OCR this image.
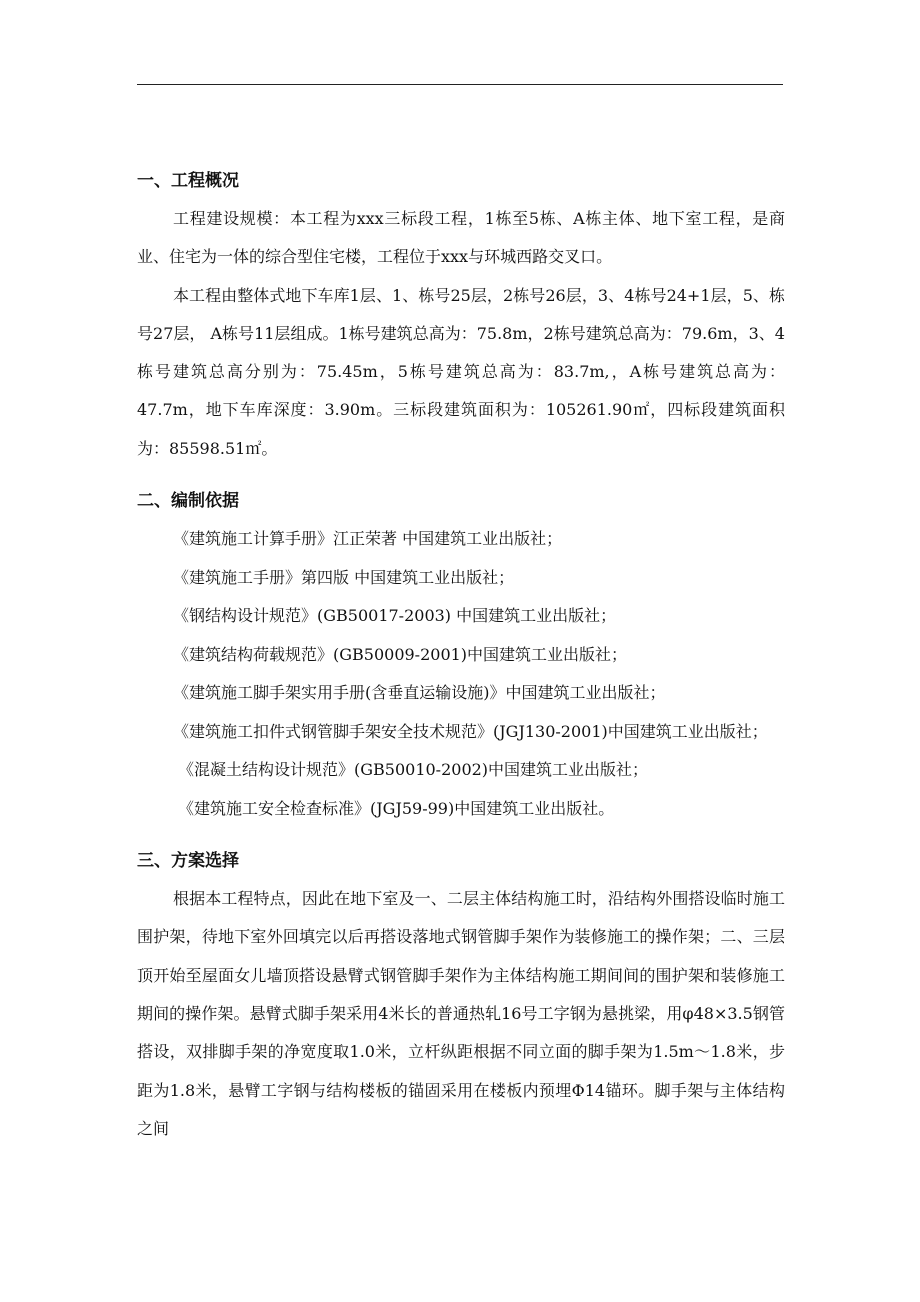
一、工程概况

工程建设规模：本工程为xxx三标段工程，1栋至5栋、A栋主体、地下室工程，是商业、住宅为一体的综合型住宅楼，工程位于xxx与环城西路交叉口。

本工程由整体式地下车库1层、1、栋号25层，2栋号26层，3、4栋号24+1层，5、栋号27层， A栋号11层组成。1栋号建筑总高为：75.8m，2栋号建筑总高为：79.6m，3、4栋号建筑总高分别为：75.45m，5栋号建筑总高为：83.7m,，A栋号建筑总高为：47.7m，地下车库深度：3.90m。三标段建筑面积为：105261.90㎡，四标段建筑面积为：85598.51㎡。

二、编制依据

《建筑施工计算手册》江正荣著 中国建筑工业出版社；

《建筑施工手册》第四版 中国建筑工业出版社；

《钢结构设计规范》(GB50017-2003) 中国建筑工业出版社；

《建筑结构荷载规范》(GB50009-2001)中国建筑工业出版社；

《建筑施工脚手架实用手册(含垂直运输设施)》中国建筑工业出版社；

《建筑施工扣件式钢管脚手架安全技术规范》(JGJ130-2001)中国建筑工业出版社；

《混凝土结构设计规范》(GB50010-2002)中国建筑工业出版社；

《建筑施工安全检查标准》(JGJ59-99)中国建筑工业出版社。

三、方案选择

根据本工程特点，因此在地下室及一、二层主体结构施工时，沿结构外围搭设临时施工围护架，待地下室外回填完以后再搭设落地式钢管脚手架作为装修施工的操作架；二、三层顶开始至屋面女儿墙顶搭设悬臂式钢管脚手架作为主体结构施工期间间的围护架和装修施工期间的操作架。悬臂式脚手架采用4米长的普通热轧16号工字钢为悬挑梁，用φ48×3.5钢管搭设，双排脚手架的净宽度取1.0米，立杆纵距根据不同立面的脚手架为1.5m～1.8米，步距为1.8米，悬臂工字钢与结构楼板的锚固采用在楼板内预埋Φ14锚环。脚手架与主体结构之间
